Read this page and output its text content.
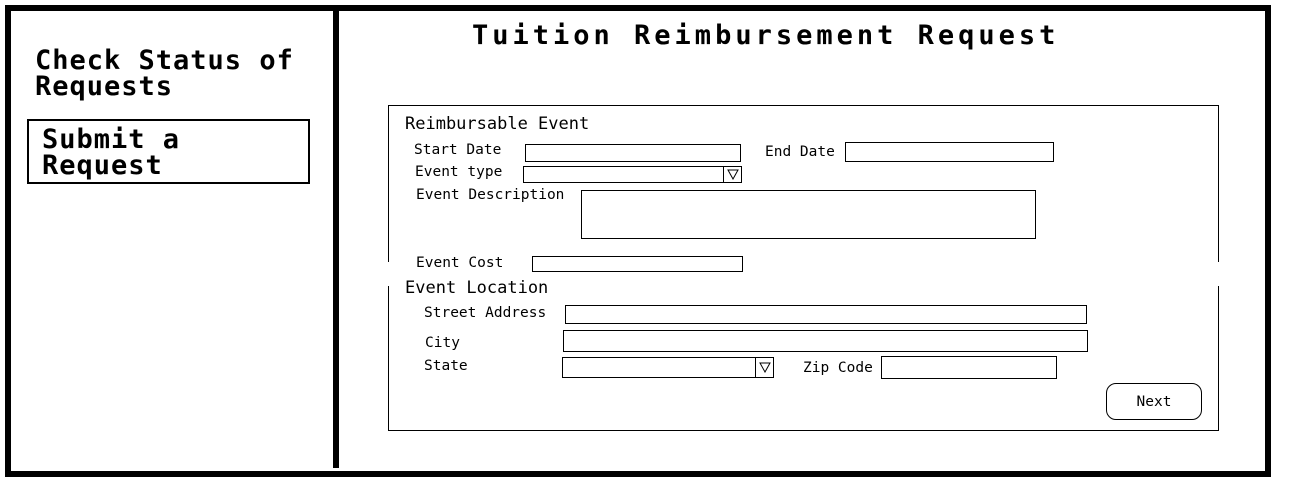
Check Status of Requests
Submit a Request
Tuition Reimbursement Request
Reimbursable Event
Start Date	End Date
Event type
Event Description
Event Cost
Event Location
Street Address
City
State	Zip Code
Next
